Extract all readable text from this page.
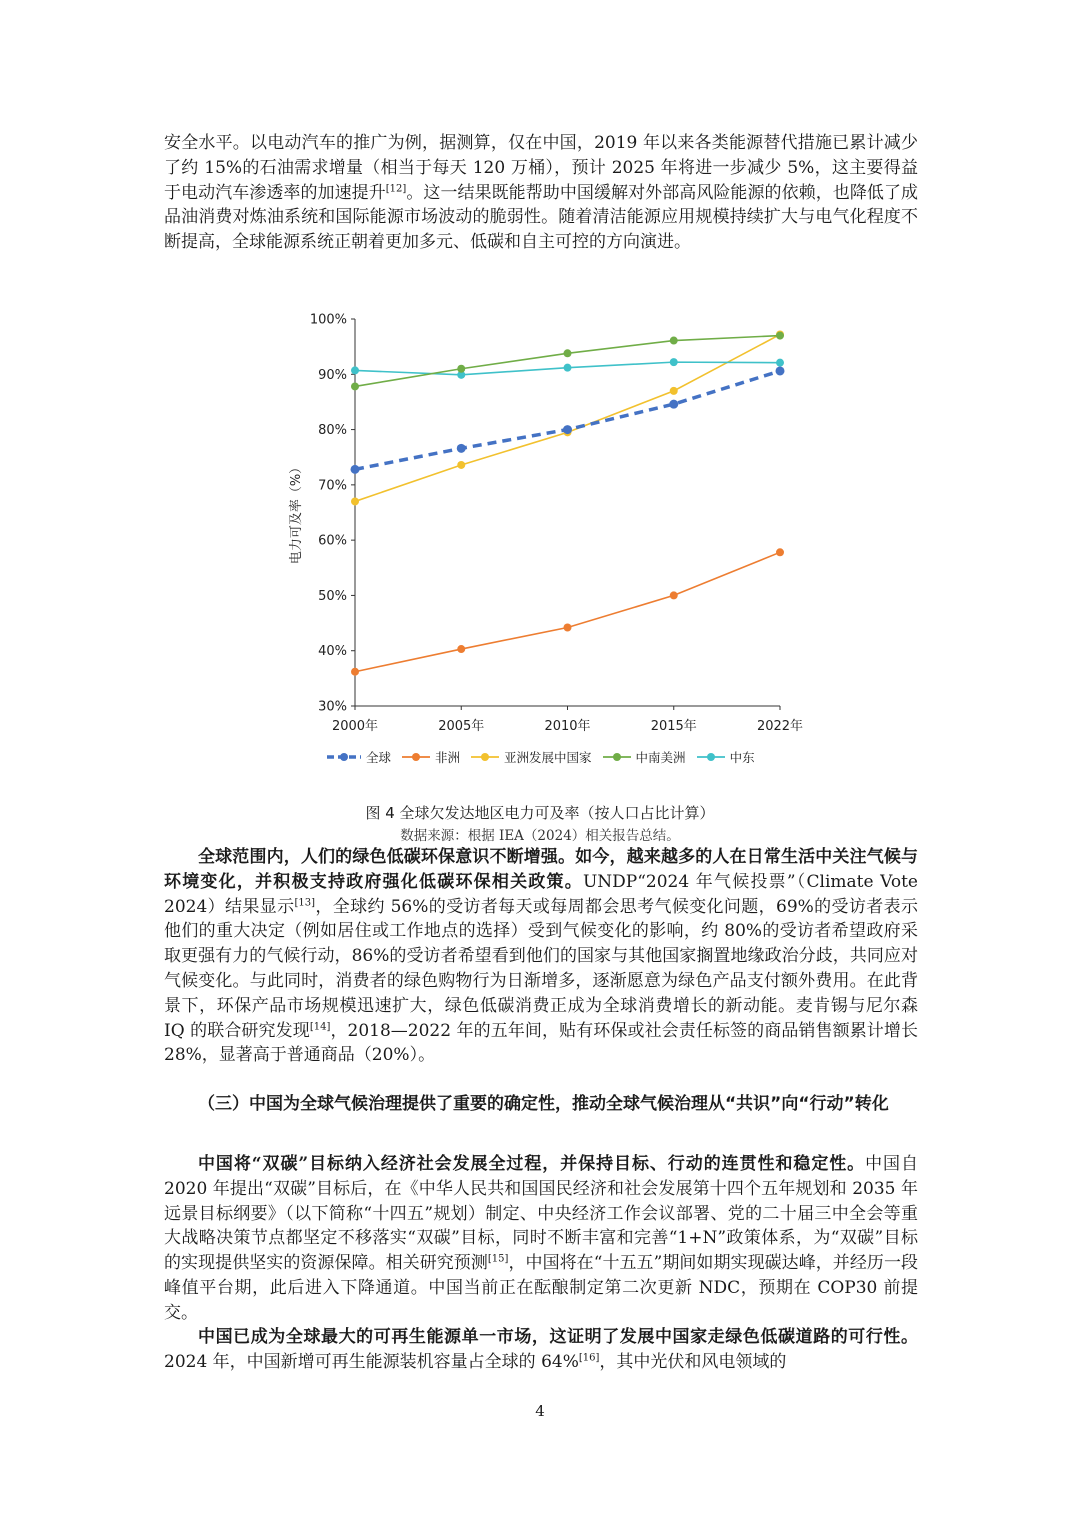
安全水平。以电动汽车的推广为例，据测算，仅在中国，2019 年以来各类能源替代措施已累计减少了约 15%的石油需求增量（相当于每天 120 万桶），预计 2025 年将进一步减少 5%，这主要得益于电动汽车渗透率的加速提升[12]。这一结果既能帮助中国缓解对外部高风险能源的依赖，也降低了成品油消费对炼油系统和国际能源市场波动的脆弱性。随着清洁能源应用规模持续扩大与电气化程度不断提高，全球能源系统正朝着更加多元、低碳和自主可控的方向演进。

30%
40%
50%
60%
70%
80%
90%
100%
2000年	2005年	2010年	2015年	2022年
电力可及率（%）
全球	非洲	亚洲发展中国家	中南美洲	中东
图 4 全球欠发达地区电力可及率（按人口占比计算）
数据来源：根据 IEA（2024）相关报告总结。

全球范围内，人们的绿色低碳环保意识不断增强。如今，越来越多的人在日常生活中关注气候与环境变化，并积极支持政府强化低碳环保相关政策。UNDP“2024 年气候投票”（Climate Vote 2024）结果显示[13]，全球约 56%的受访者每天或每周都会思考气候变化问题，69%的受访者表示他们的重大决定（例如居住或工作地点的选择）受到气候变化的影响，约 80%的受访者希望政府采取更强有力的气候行动，86%的受访者希望看到他们的国家与其他国家搁置地缘政治分歧，共同应对气候变化。与此同时，消费者的绿色购物行为日渐增多，逐渐愿意为绿色产品支付额外费用。在此背景下，环保产品市场规模迅速扩大，绿色低碳消费正成为全球消费增长的新动能。麦肯锡与尼尔森 IQ 的联合研究发现[14]，2018—2022 年的五年间，贴有环保或社会责任标签的商品销售额累计增长 28%，显著高于普通商品（20%）。

（三）中国为全球气候治理提供了重要的确定性，推动全球气候治理从“共识”向“行动”转化

中国将“双碳”目标纳入经济社会发展全过程，并保持目标、行动的连贯性和稳定性。中国自 2020 年提出“双碳”目标后，在《中华人民共和国国民经济和社会发展第十四个五年规划和 2035 年远景目标纲要》（以下简称“十四五”规划）制定、中央经济工作会议部署、党的二十届三中全会等重大战略决策节点都坚定不移落实“双碳”目标，同时不断丰富和完善“1+N”政策体系，为“双碳”目标的实现提供坚实的资源保障。相关研究预测[15]，中国将在“十五五”期间如期实现碳达峰，并经历一段峰值平台期，此后进入下降通道。中国当前正在酝酿制定第二次更新 NDC，预期在 COP30 前提交。

中国已成为全球最大的可再生能源单一市场，这证明了发展中国家走绿色低碳道路的可行性。2024 年，中国新增可再生能源装机容量占全球的 64%[16]，其中光伏和风电领域的

4
